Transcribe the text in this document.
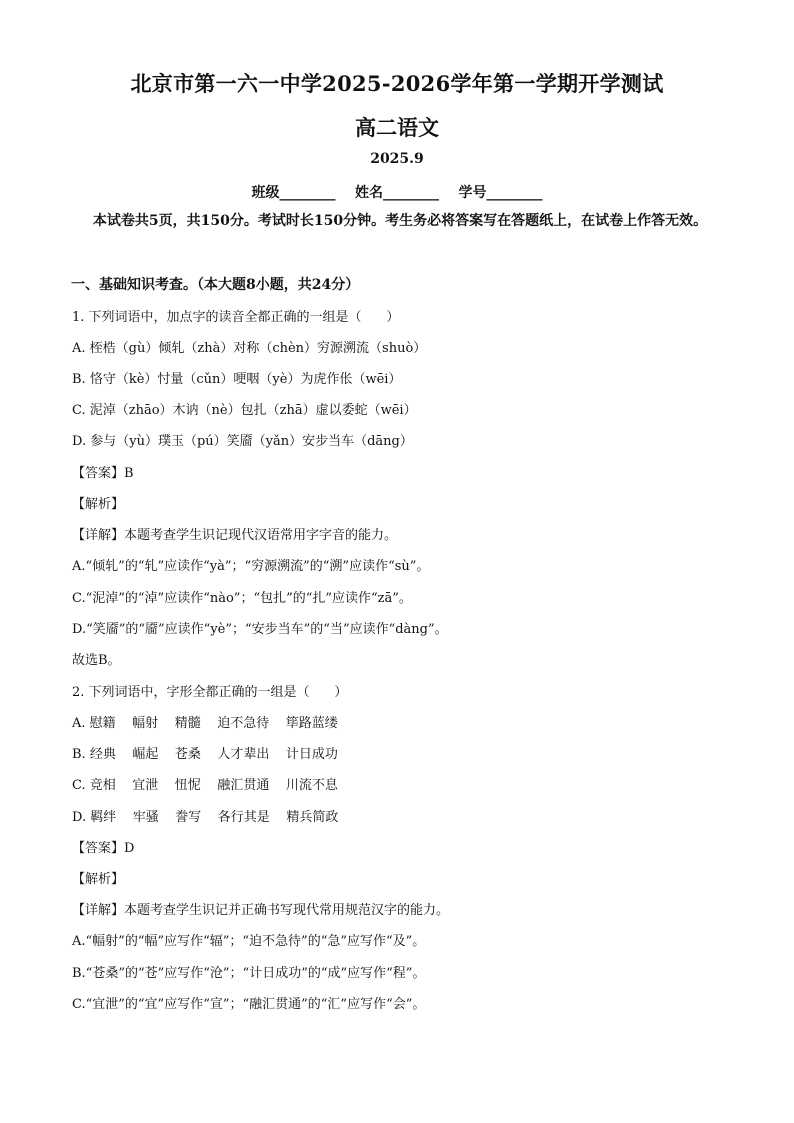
北京市第一六一中学2025-2026学年第一学期开学测试
高二语文
2025.9
班级________ 姓名________ 学号________
本试卷共5页，共150分。考试时长150分钟。考生务必将答案写在答题纸上，在试卷上作答无效。
一、基础知识考查。（本大题8小题，共24分）
1. 下列词语中，加点字的读音全都正确的一组是（      ）
A. 桎梏（gù）倾轧（zhà）对称（chèn）穷源溯流（shuò）
B. 恪守（kè）忖量（cǔn）哽咽（yè）为虎作伥（wēi）
C. 泥淖（zhāo）木讷（nè）包扎（zhā）虚以委蛇（wēi）
D. 参与（yù）璞玉（pú）笑靥（yǎn）安步当车（dāng）
【答案】B
【解析】
【详解】本题考查学生识记现代汉语常用字字音的能力。
A.“倾轧”的“轧”应读作“yà”；“穷源溯流”的“溯”应读作“sù”。
C.“泥淖”的“淖”应读作“nào”；“包扎”的“扎”应读作“zā”。
D.“笑靥”的“靥”应读作“yè”；“安步当车”的“当”应读作“dàng”。
故选B。
2. 下列词语中，字形全都正确的一组是（      ）
A. 慰籍    幅射    精髓    迫不急待    筚路蓝缕
B. 经典    崛起    苍桑    人才辈出    计日成功
C. 竞相    宜泄    忸怩    融汇贯通    川流不息
D. 羁绊    牢骚    誊写    各行其是    精兵简政
【答案】D
【解析】
【详解】本题考查学生识记并正确书写现代常用规范汉字的能力。
A.“幅射”的“幅”应写作“辐”；“迫不急待”的“急”应写作“及”。
B.“苍桑”的“苍”应写作“沧”；“计日成功”的“成”应写作“程”。
C.“宜泄”的“宜”应写作“宣”；“融汇贯通”的“汇”应写作“会”。
